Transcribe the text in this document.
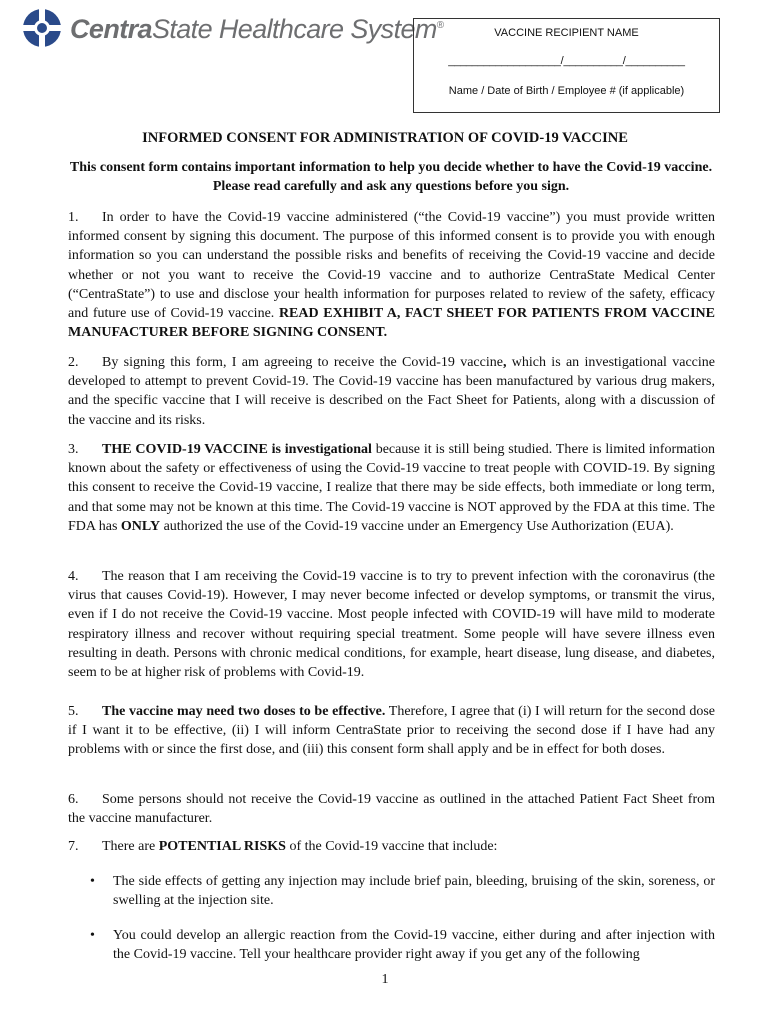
CentraState Healthcare System®
VACCINE RECIPIENT NAME
___________________/__________/__________
Name / Date of Birth / Employee # (if applicable)
INFORMED CONSENT FOR ADMINISTRATION OF COVID-19 VACCINE
This consent form contains important information to help you decide whether to have the Covid-19 vaccine. Please read carefully and ask any questions before you sign.

1. In order to have the Covid-19 vaccine administered (“the Covid-19 vaccine”) you must provide written informed consent by signing this document. The purpose of this informed consent is to provide you with enough information so you can understand the possible risks and benefits of receiving the Covid-19 vaccine and decide whether or not you want to receive the Covid-19 vaccine and to authorize CentraState Medical Center (“CentraState”) to use and disclose your health information for purposes related to review of the safety, efficacy and future use of Covid-19 vaccine. READ EXHIBIT A, FACT SHEET FOR PATIENTS FROM VACCINE MANUFACTURER BEFORE SIGNING CONSENT.

2. By signing this form, I am agreeing to receive the Covid-19 vaccine, which is an investigational vaccine developed to attempt to prevent Covid-19. The Covid-19 vaccine has been manufactured by various drug makers, and the specific vaccine that I will receive is described on the Fact Sheet for Patients, along with a discussion of the vaccine and its risks.

3. THE COVID-19 VACCINE is investigational because it is still being studied. There is limited information known about the safety or effectiveness of using the Covid-19 vaccine to treat people with COVID-19. By signing this consent to receive the Covid-19 vaccine, I realize that there may be side effects, both immediate or long term, and that some may not be known at this time. The Covid-19 vaccine is NOT approved by the FDA at this time. The FDA has ONLY authorized the use of the Covid-19 vaccine under an Emergency Use Authorization (EUA).

4. The reason that I am receiving the Covid-19 vaccine is to try to prevent infection with the coronavirus (the virus that causes Covid-19). However, I may never become infected or develop symptoms, or transmit the virus, even if I do not receive the Covid-19 vaccine. Most people infected with COVID-19 will have mild to moderate respiratory illness and recover without requiring special treatment. Some people will have severe illness even resulting in death. Persons with chronic medical conditions, for example, heart disease, lung disease, and diabetes, seem to be at higher risk of problems with Covid-19.

5. The vaccine may need two doses to be effective. Therefore, I agree that (i) I will return for the second dose if I want it to be effective, (ii) I will inform CentraState prior to receiving the second dose if I have had any problems with or since the first dose, and (iii) this consent form shall apply and be in effect for both doses.

6. Some persons should not receive the Covid-19 vaccine as outlined in the attached Patient Fact Sheet from the vaccine manufacturer.

7. There are POTENTIAL RISKS of the Covid-19 vaccine that include:

• The side effects of getting any injection may include brief pain, bleeding, bruising of the skin, soreness, or swelling at the injection site.
• You could develop an allergic reaction from the Covid-19 vaccine, either during and after injection with the Covid-19 vaccine. Tell your healthcare provider right away if you get any of the following
1
